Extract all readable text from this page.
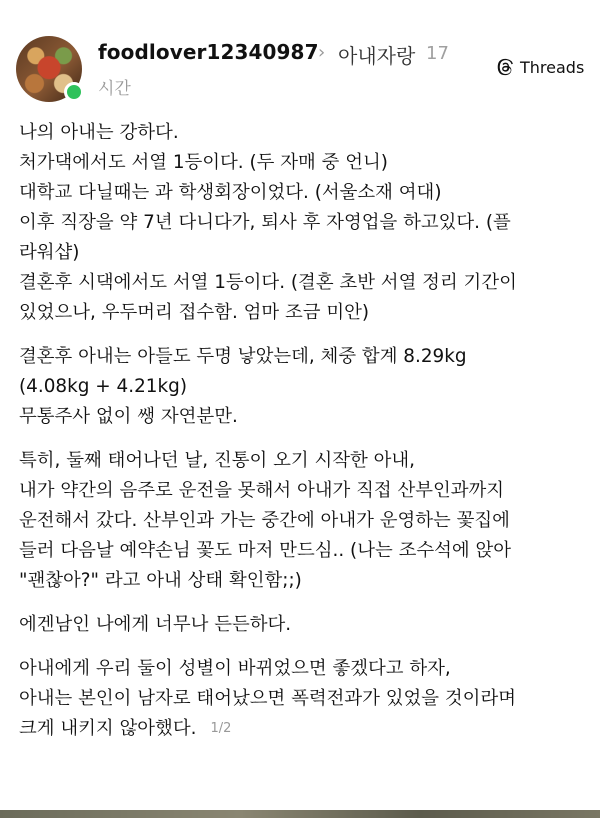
foodlover12340987 › 아내자랑 17
시간
Threads
나의 아내는 강하다.
처가댁에서도 서열 1등이다. (두 자매 중 언니)
대학교 다닐때는 과 학생회장이었다. (서울소재 여대)
이후 직장을 약 7년 다니다가, 퇴사 후 자영업을 하고있다. (플
라워샵)
결혼후 시댁에서도 서열 1등이다. (결혼 초반 서열 정리 기간이
있었으나, 우두머리 접수함. 엄마 조금 미안)
결혼후 아내는 아들도 두명 낳았는데, 체중 합계 8.29kg
(4.08kg + 4.21kg)
무통주사 없이 쌩 자연분만.
특히, 둘째 태어나던 날, 진통이 오기 시작한 아내,
내가 약간의 음주로 운전을 못해서 아내가 직접 산부인과까지
운전해서 갔다. 산부인과 가는 중간에 아내가 운영하는 꽃집에
들러 다음날 예약손님 꽃도 마저 만드심.. (나는 조수석에 앉아
"괜찮아?" 라고 아내 상태 확인함;;)
에겐남인 나에게 너무나 든든하다.
아내에게 우리 둘이 성별이 바뀌었으면 좋겠다고 하자,
아내는 본인이 남자로 태어났으면 폭력전과가 있었을 것이라며
크게 내키지 않아했다. 1/2
